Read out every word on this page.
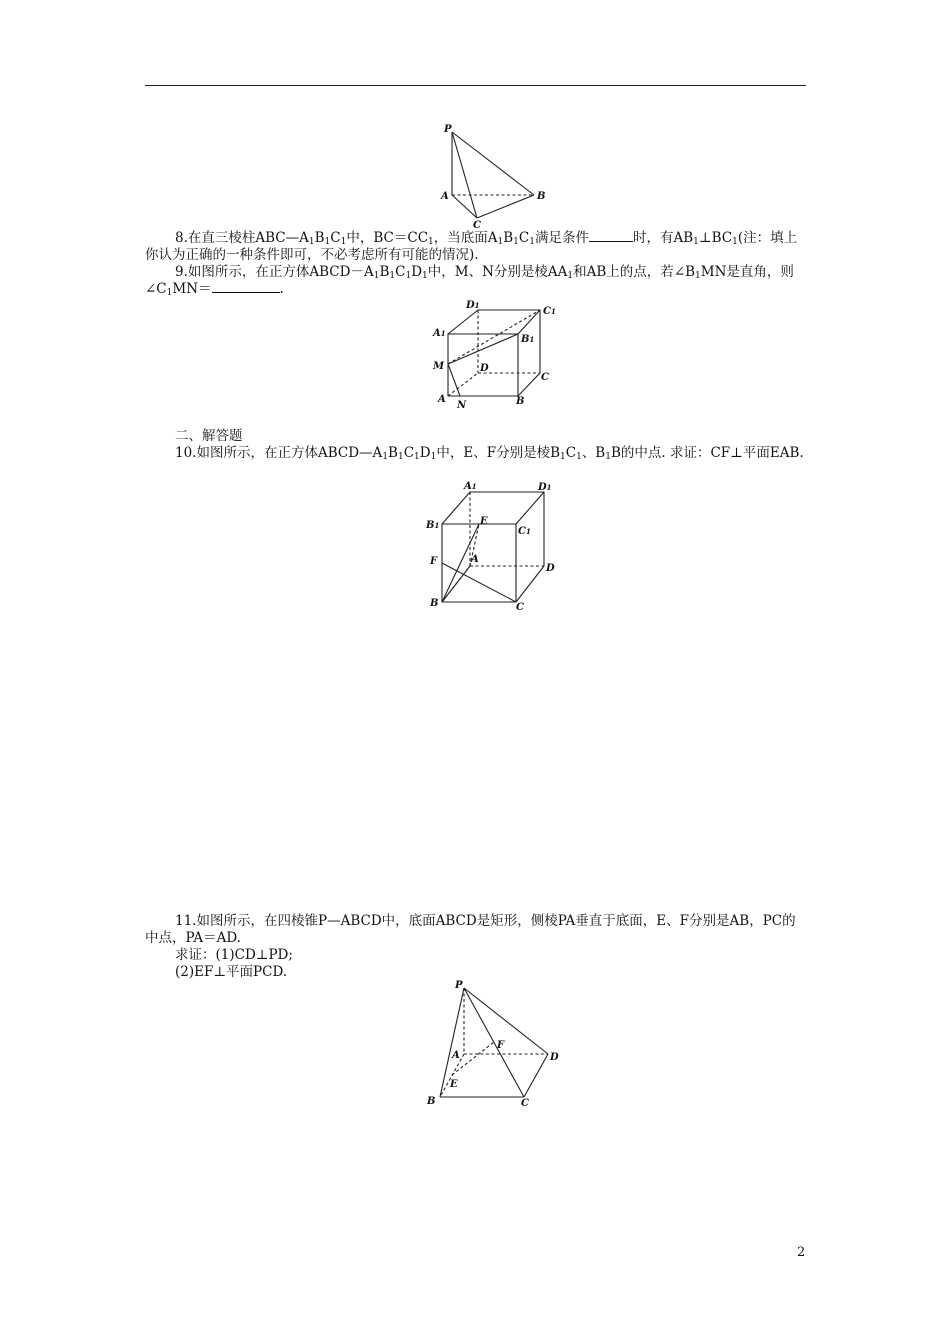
P
A	B
C

8.在直三棱柱$ABC—A_1B_1C_1$中，$BC=CC_1$，当底面$A_1B_1C_1$满足条件	时，有$AB_1\perp BC_1$(注：填上你认为正确的一种条件即可，不必考虑所有可能的情况).

9.如图所示，在正方体$ABCD-A_1B_1C_1D_1$中，M、N分别是棱$AA_1$和AB上的点，若$\angle B_1MN$是直角，则$\angle C_1MN=$	.

D1
C1
A1
B1
M	D
C
A
N	B

二、解答题

10.如图所示，在正方体$ABCD—A_1B_1C_1D_1$中，E、F分别是棱$B_1C_1$、$B_1B$的中点. 求证：CF⊥平面EAB.

A1	D1
B1
C1
E
F	A
D
B	C

11.如图所示，在四棱锥P—ABCD中，底面ABCD是矩形，侧棱PA垂直于底面，E、F分别是AB，PC的中点，PA＝AD.

求证：(1)CD⊥PD;

(2)EF⊥平面PCD.

P
A
F
D
E
B	C
2
